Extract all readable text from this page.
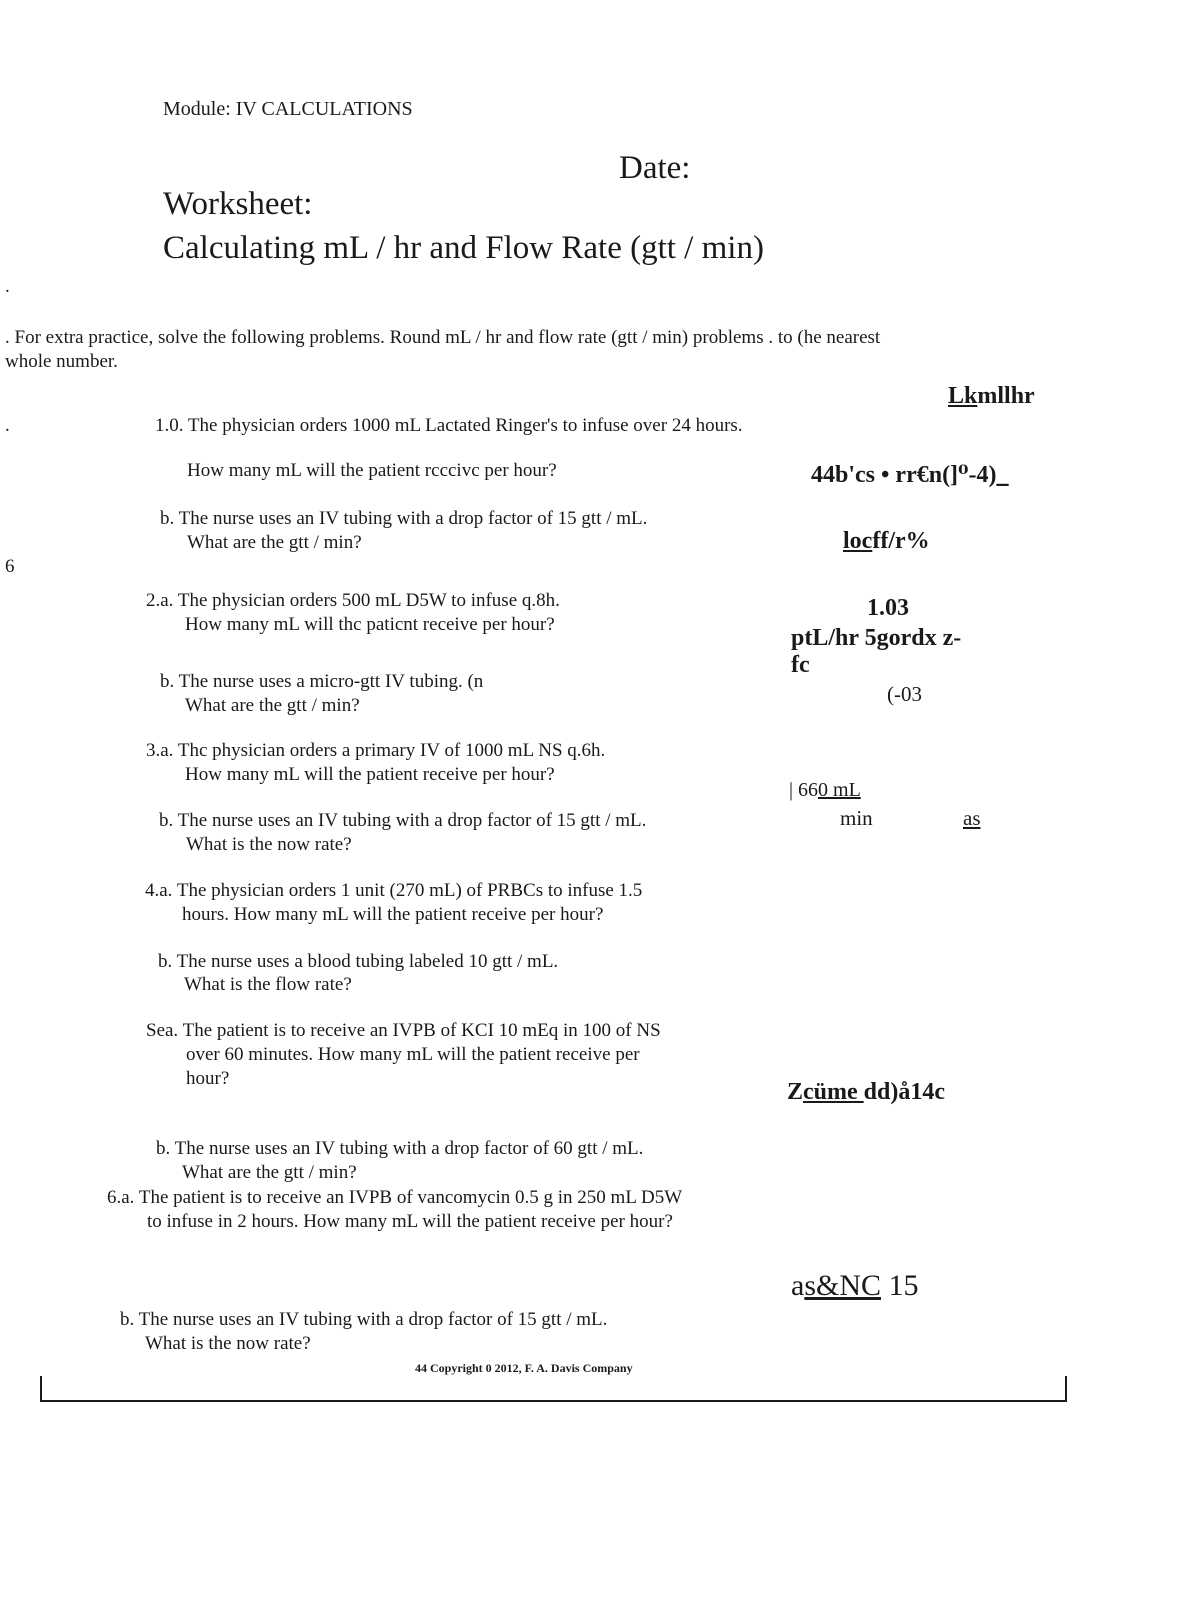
Module: IV CALCULATIONS
Date:
Worksheet:
Calculating mL / hr and Flow Rate (gtt / min)
.
. For extra practice, solve the following problems. Round mL / hr and flow rate (gtt / min) problems . to (he nearest
whole number.
Lkmllhr
.	1.0. The physician orders 1000 mL Lactated Ringer's to infuse over 24 hours.
How many mL will the patient rcccivc per hour?	44b'cs • rr€n(]⁰-4)_
b. The nurse uses an IV tubing with a drop factor of 15 gtt / mL.
What are the gtt / min?	locff/r%
6
2.a. The physician orders 500 mL D5W to infuse q.8h.
How many mL will thc paticnt receive per hour?
1.03
ptL/hr 5gordx z-
fc
b. The nurse uses a micro-gtt IV tubing. (n
What are the gtt / min?	(-03
3.a. Thc physician orders a primary IV of 1000 mL NS q.6h.
How many mL will the patient receive per hour?
| 660 mL
b. The nurse uses an IV tubing with a drop factor of 15 gtt / mL.
What is the now rate?
min	as
4.a. The physician orders 1 unit (270 mL) of PRBCs to infuse 1.5
hours. How many mL will the patient receive per hour?
b. The nurse uses a blood tubing labeled 10 gtt / mL.
What is the flow rate?
Sea. The patient is to receive an IVPB of KCI 10 mEq in 100 of NS
over 60 minutes. How many mL will the patient receive per
hour?
Zcüme dd)å14c
b. The nurse uses an IV tubing with a drop factor of 60 gtt / mL.
What are the gtt / min?
6.a. The patient is to receive an IVPB of vancomycin 0.5 g in 250 mL D5W
to infuse in 2 hours. How many mL will the patient receive per hour?
as&NC 15
b. The nurse uses an IV tubing with a drop factor of 15 gtt / mL.
What is the now rate?
44 Copyright 0 2012, F. A. Davis Company
